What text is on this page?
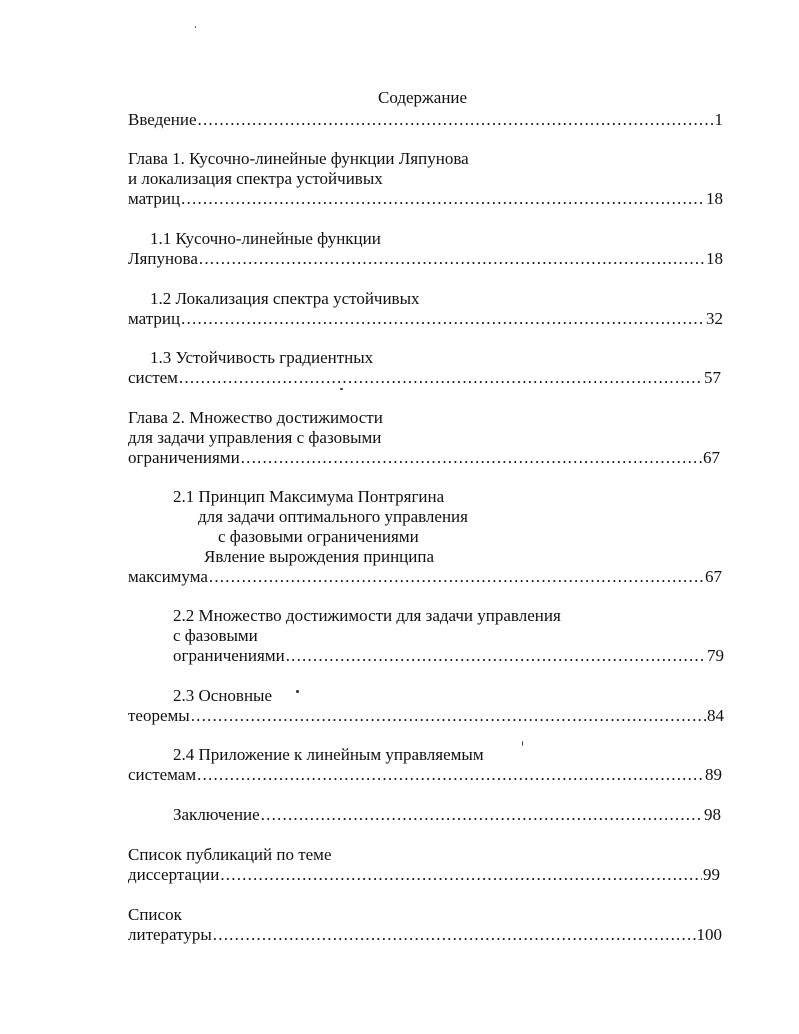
Содержание
Введение .....	1
Глава 1. Кусочно-линейные функции Ляпунова
и локализация спектра устойчивых
матриц .....	18
1.1 Кусочно-линейные функции
Ляпунова .....	18
1.2 Локализация спектра устойчивых
матриц .....	32
1.3 Устойчивость градиентных
систем .....	57
Глава 2. Множество достижимости
для задачи управления с фазовыми
ограничениями .....	67
2.1 Принцип Максимума Понтрягина
для задачи оптимального управления
с фазовыми ограничениями
Явление вырождения принципа
максимума .....	67
2.2 Множество достижимости для задачи управления
с фазовыми
ограничениями .....	79
2.3 Основные
теоремы .....	84
2.4 Приложение к линейным управляемым
системам .....	89
Заключение .....	98
Список публикаций по теме
диссертации .....	99
Список
литературы .....	100
